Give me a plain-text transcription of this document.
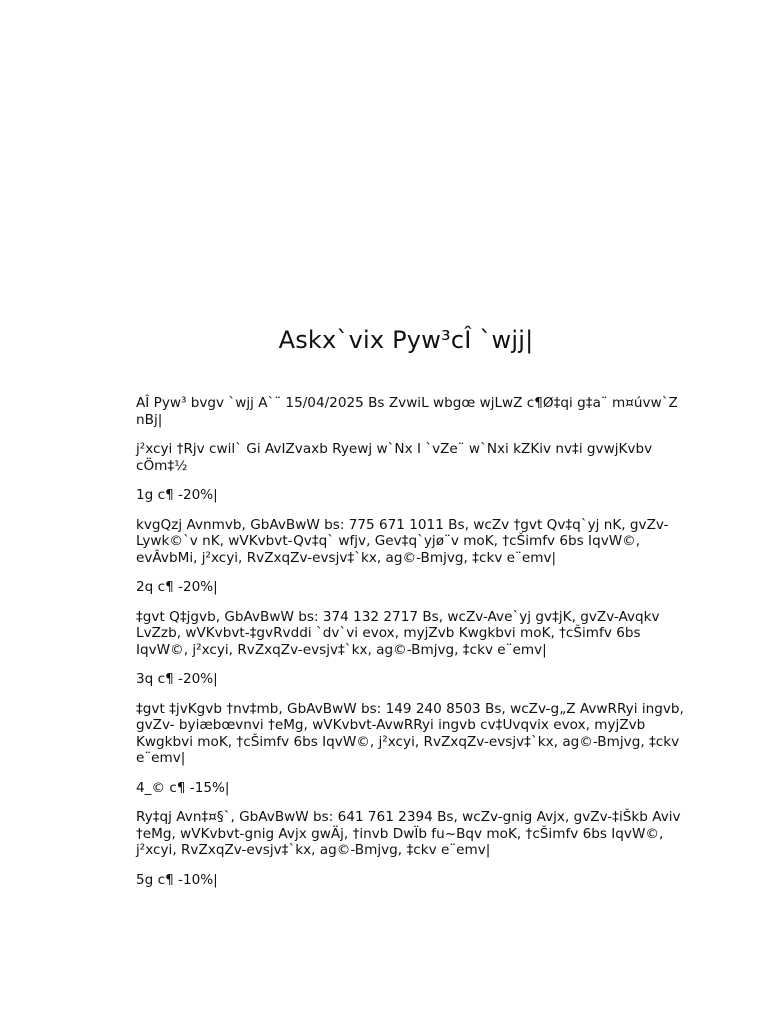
Askx`vix Pyw³cÎ `wjj|

AÎ Pyw³ bvgv `wjj A`¨ 15/04/2025 Bs ZvwiL wbgœ wjLwZ c¶Ø‡qi g‡a¨ m¤úvw`Z nBj|

j²xcyi †Rjv cwil` Gi AvIZvaxb Ryewj w`Nx I `vZe¨ w`Nxi kZKiv nv‡i gvwjKvbv cÖm‡½

1g c¶ -20%|

kvgQzj Avnmvb, GbAvBwW bs: 775 671 1011 Bs, wcZv †gvt Qv‡q`yj nK, gvZv- Lywk©`v nK, wVKvbvt-Qv‡q` wfjv, Gev‡q`yjø¨v moK, †cŠimfv 6bs IqvW©, evÂvbMi, j²xcyi, RvZxqZv-evsjv‡`kx, ag©-Bmjvg, ‡ckv e¨emv|

2q c¶ -20%|

‡gvt Q‡jgvb, GbAvBwW bs: 374 132 2717 Bs, wcZv-Ave`yj gv‡jK, gvZv-Avqkv LvZzb, wVKvbvt-‡gvRvddi `dv`vi evox, myjZvb Kwgkbvi moK, †cŠimfv 6bs IqvW©, j²xcyi, RvZxqZv-evsjv‡`kx, ag©-Bmjvg, ‡ckv e¨emv|

3q c¶ -20%|

‡gvt ‡jvKgvb †nv‡mb, GbAvBwW bs: 149 240 8503 Bs, wcZv-g„Z AvwRRyi ingvb, gvZv- byiæbœvnvi †eMg, wVKvbvt-AvwRRyi ingvb cv‡Uvqvix evox, myjZvb Kwgkbvi moK, †cŠimfv 6bs IqvW©, j²xcyi, RvZxqZv-evsjv‡`kx, ag©-Bmjvg, ‡ckv e¨emv|

4_© c¶ -15%|

Ry‡qj Avn‡¤§`, GbAvBwW bs: 641 761 2394 Bs, wcZv-gnig Avjx, gvZv-‡iŠkb Aviv †eMg, wVKvbvt-gnig Avjx gwÄj, †invb DwÏb fu~Bqv moK, †cŠimfv 6bs IqvW©, j²xcyi, RvZxqZv-evsjv‡`kx, ag©-Bmjvg, ‡ckv e¨emv|

5g c¶ -10%|
